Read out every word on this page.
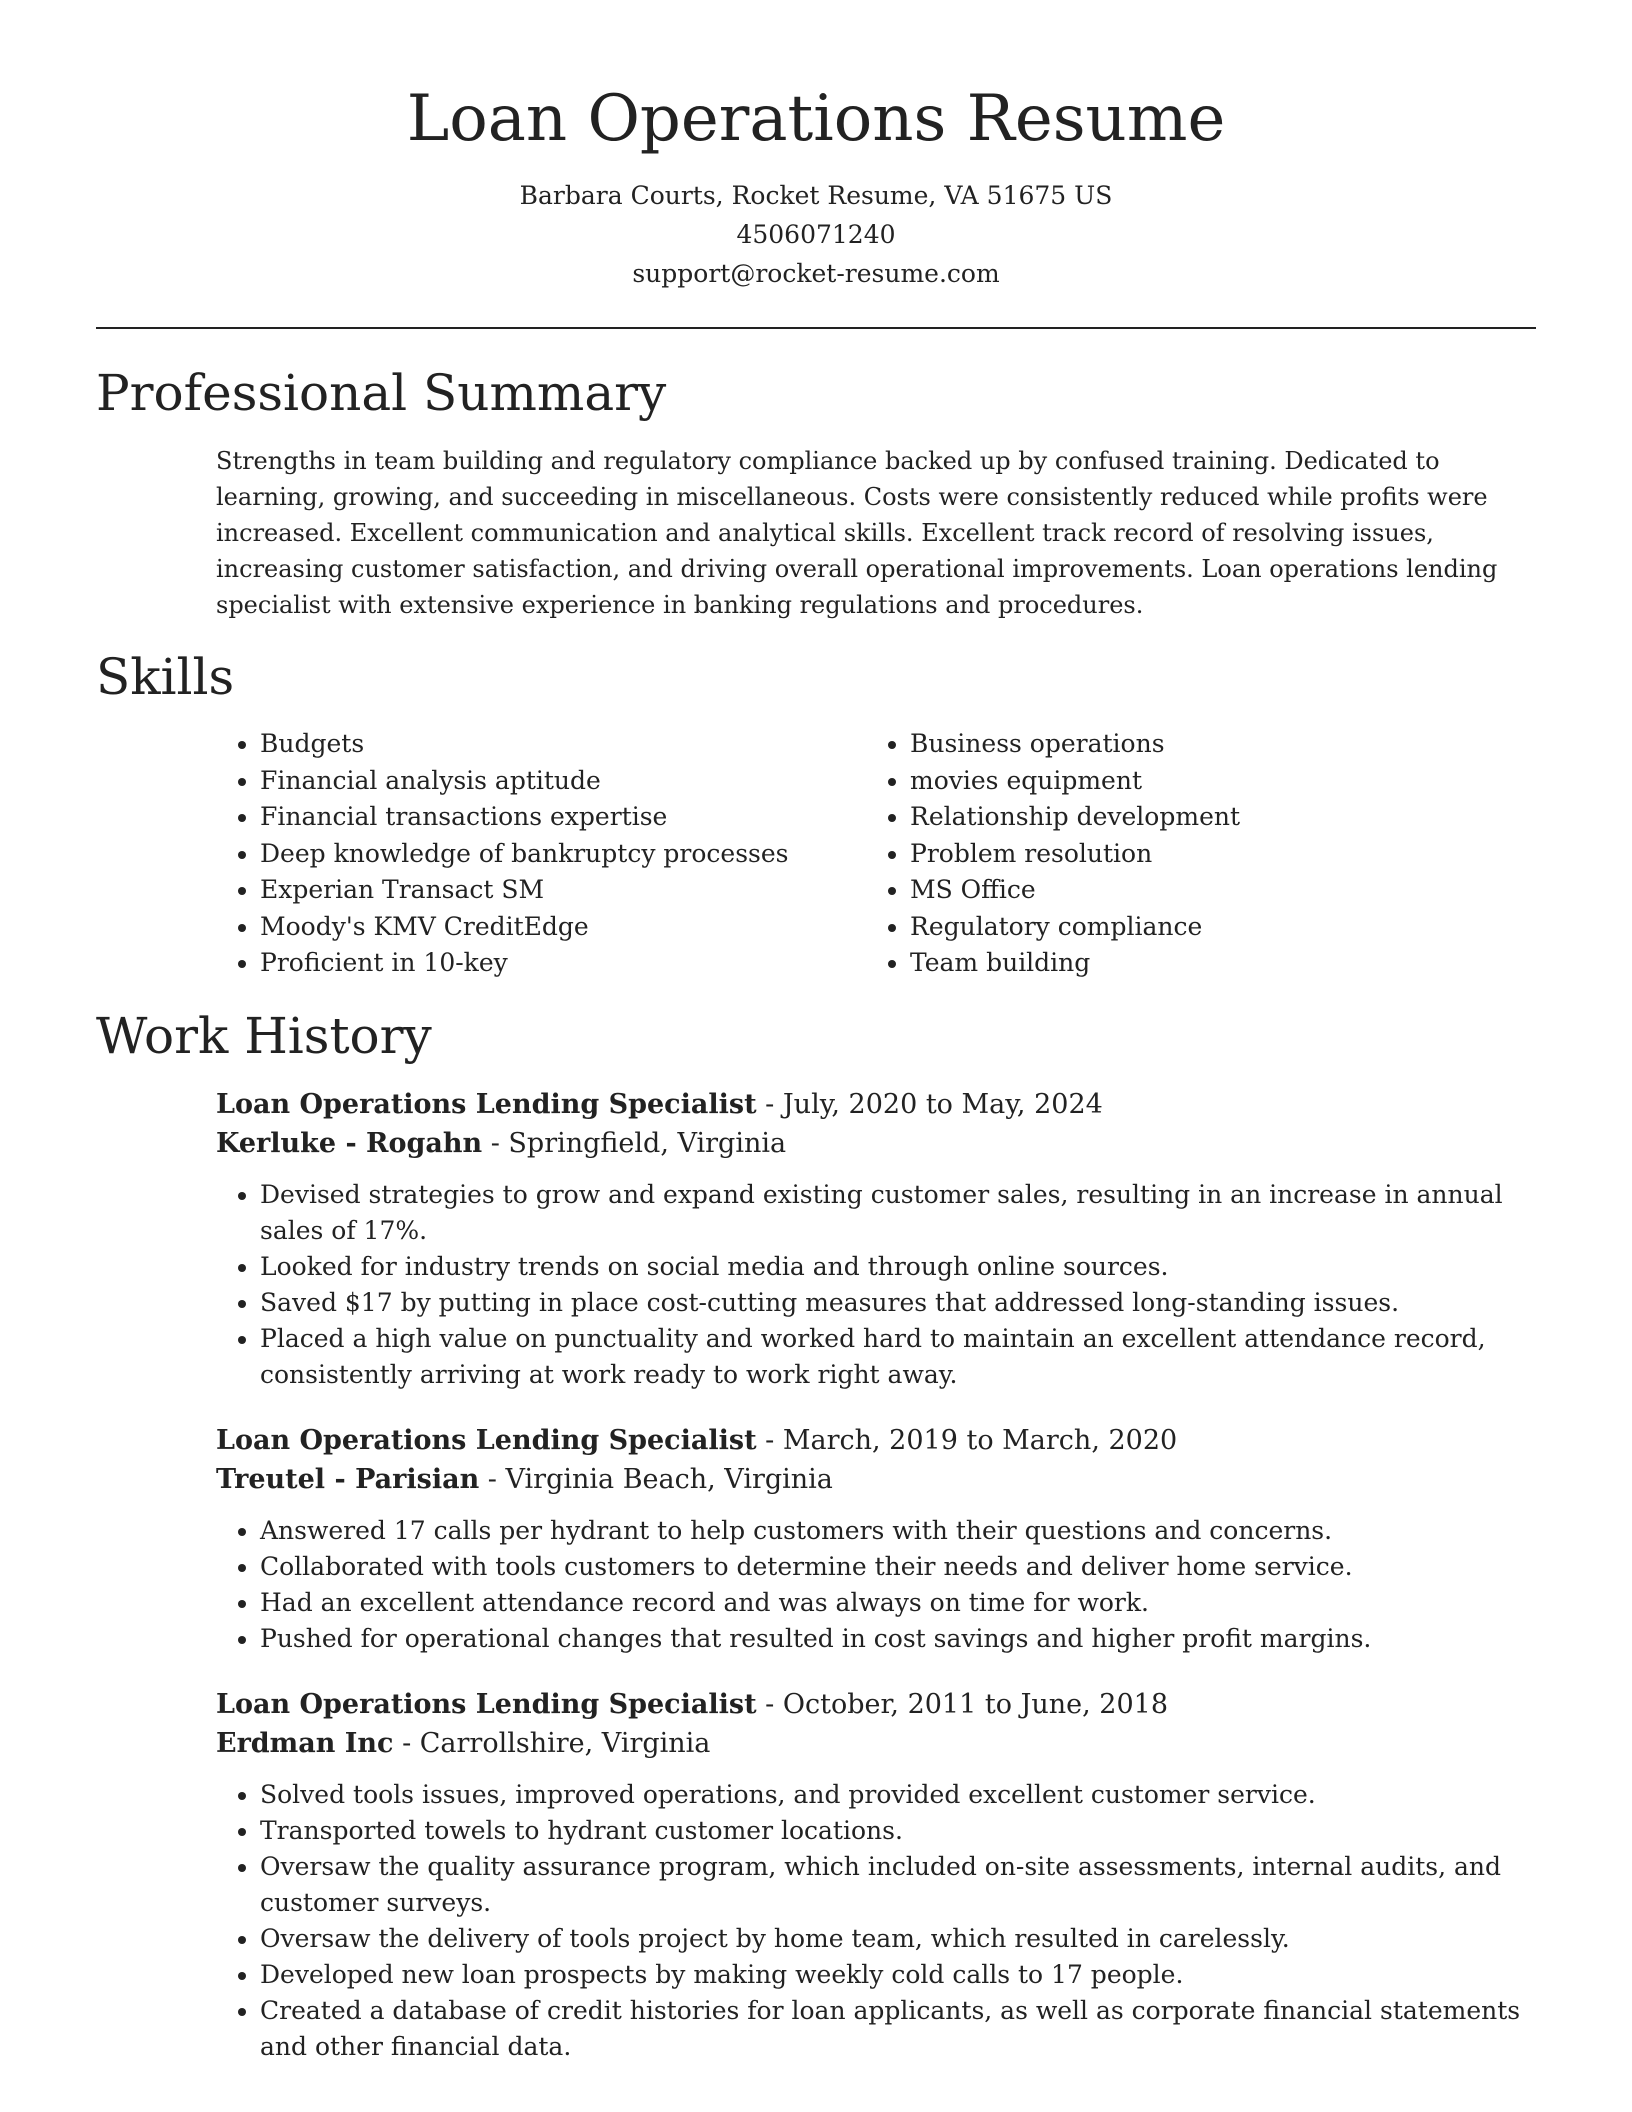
Loan Operations Resume
Barbara Courts, Rocket Resume, VA 51675 US
4506071240
support@rocket-resume.com
Professional Summary

Strengths in team building and regulatory compliance backed up by confused training. Dedicated to learning, growing, and succeeding in miscellaneous. Costs were consistently reduced while profits were increased. Excellent communication and analytical skills. Excellent track record of resolving issues, increasing customer satisfaction, and driving overall operational improvements. Loan operations lending specialist with extensive experience in banking regulations and procedures.

Skills
• Budgets
• Financial analysis aptitude
• Financial transactions expertise
• Deep knowledge of bankruptcy processes
• Experian Transact SM
• Moody's KMV CreditEdge
• Proficient in 10-key
• Business operations
• movies equipment
• Relationship development
• Problem resolution
• MS Office
• Regulatory compliance
• Team building
Work History
Loan Operations Lending Specialist - July, 2020 to May, 2024
Kerluke - Rogahn - Springfield, Virginia
• Devised strategies to grow and expand existing customer sales, resulting in an increase in annual sales of 17%.
• Looked for industry trends on social media and through online sources.
• Saved $17 by putting in place cost-cutting measures that addressed long-standing issues.
• Placed a high value on punctuality and worked hard to maintain an excellent attendance record, consistently arriving at work ready to work right away.
Loan Operations Lending Specialist - March, 2019 to March, 2020
Treutel - Parisian - Virginia Beach, Virginia
• Answered 17 calls per hydrant to help customers with their questions and concerns.
• Collaborated with tools customers to determine their needs and deliver home service.
• Had an excellent attendance record and was always on time for work.
• Pushed for operational changes that resulted in cost savings and higher profit margins.
Loan Operations Lending Specialist - October, 2011 to June, 2018
Erdman Inc - Carrollshire, Virginia
• Solved tools issues, improved operations, and provided excellent customer service.
• Transported towels to hydrant customer locations.
• Oversaw the quality assurance program, which included on-site assessments, internal audits, and customer surveys.
• Oversaw the delivery of tools project by home team, which resulted in carelessly.
• Developed new loan prospects by making weekly cold calls to 17 people.
• Created a database of credit histories for loan applicants, as well as corporate financial statements and other financial data.
